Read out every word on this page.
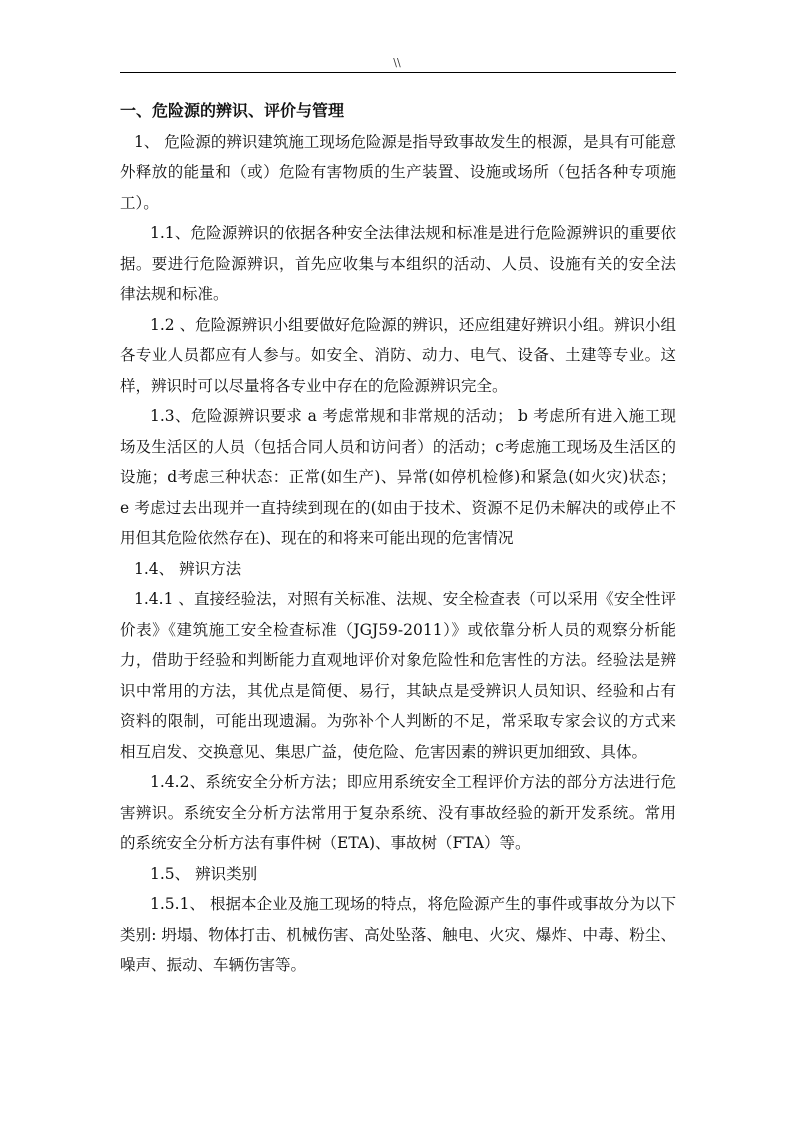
\\

一、危险源的辨识、评价与管理

1、 危险源的辨识建筑施工现场危险源是指导致事故发生的根源，是具有可能意外释放的能量和（或）危险有害物质的生产装置、设施或场所（包括各种专项施工）。

1.1、危险源辨识的依据各种安全法律法规和标准是进行危险源辨识的重要依据。要进行危险源辨识，首先应收集与本组织的活动、人员、设施有关的安全法律法规和标准。

1.2 、危险源辨识小组要做好危险源的辨识，还应组建好辨识小组。辨识小组各专业人员都应有人参与。如安全、消防、动力、电气、设备、土建等专业。这样，辨识时可以尽量将各专业中存在的危险源辨识完全。

1.3、危险源辨识要求 a 考虑常规和非常规的活动； b 考虑所有进入施工现场及生活区的人员（包括合同人员和访问者）的活动；c考虑施工现场及生活区的设施；d考虑三种状态：正常(如生产)、异常(如停机检修)和紧急(如火灾)状态； e 考虑过去出现并一直持续到现在的(如由于技术、资源不足仍未解决的或停止不用但其危险依然存在)、现在的和将来可能出现的危害情况

1.4、 辨识方法

1.4.1 、直接经验法，对照有关标准、法规、安全检查表（可以采用《安全性评价表》《建筑施工安全检查标准（JGJ59-2011）》或依靠分析人员的观察分析能力，借助于经验和判断能力直观地评价对象危险性和危害性的方法。经验法是辨识中常用的方法，其优点是简便、易行，其缺点是受辨识人员知识、经验和占有资料的限制，可能出现遗漏。为弥补个人判断的不足，常采取专家会议的方式来相互启发、交换意见、集思广益，使危险、危害因素的辨识更加细致、具体。

1.4.2、系统安全分析方法；即应用系统安全工程评价方法的部分方法进行危害辨识。系统安全分析方法常用于复杂系统、没有事故经验的新开发系统。常用的系统安全分析方法有事件树（ETA)、事故树（FTA）等。

1.5、 辨识类别

1.5.1、 根据本企业及施工现场的特点，将危险源产生的事件或事故分为以下类别: 坍塌、物体打击、机械伤害、高处坠落、触电、火灾、爆炸、中毒、粉尘、噪声、振动、车辆伤害等。
